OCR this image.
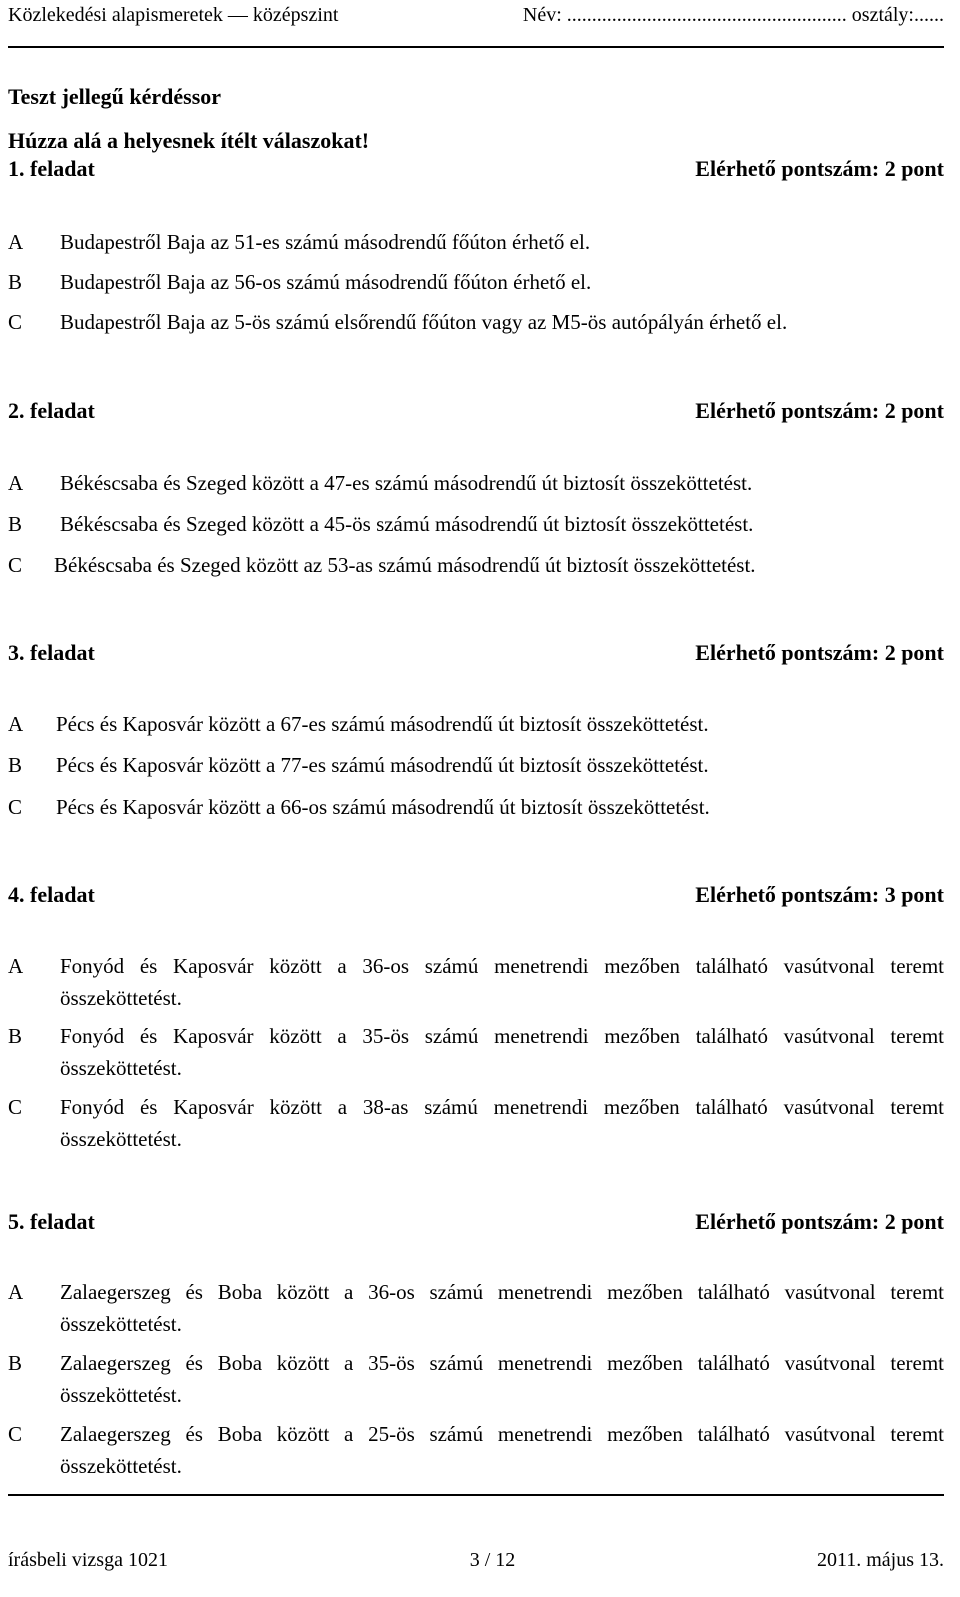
Közlekedési alapismeretek — középszint	Név: ........................................................ osztály:......
Teszt jellegű kérdéssor
Húzza alá a helyesnek ítélt válaszokat!
1. feladat	Elérhető pontszám: 2 pont
A	Budapestről Baja az 51-es számú másodrendű főúton érhető el.
B	Budapestről Baja az 56-os számú másodrendű főúton érhető el.
C	Budapestről Baja az 5-ös számú elsőrendű főúton vagy az M5-ös autópályán érhető el.
2. feladat	Elérhető pontszám: 2 pont
A	Békéscsaba és Szeged között a 47-es számú másodrendű út biztosít összeköttetést.
B	Békéscsaba és Szeged között a 45-ös számú másodrendű út biztosít összeköttetést.
C	Békéscsaba és Szeged között az 53-as számú másodrendű út biztosít összeköttetést.
3. feladat	Elérhető pontszám: 2 pont
A	Pécs és Kaposvár között a 67-es számú másodrendű út biztosít összeköttetést.
B	Pécs és Kaposvár között a 77-es számú másodrendű út biztosít összeköttetést.
C	Pécs és Kaposvár között a 66-os számú másodrendű út biztosít összeköttetést.
4. feladat	Elérhető pontszám: 3 pont
A	Fonyód és Kaposvár között a 36-os számú menetrendi mezőben található vasútvonal teremt összeköttetést.
B	Fonyód és Kaposvár között a 35-ös számú menetrendi mezőben található vasútvonal teremt összeköttetést.
C	Fonyód és Kaposvár között a 38-as számú menetrendi mezőben található vasútvonal teremt összeköttetést.
5. feladat	Elérhető pontszám: 2 pont
A	Zalaegerszeg és Boba között a 36-os számú menetrendi mezőben található vasútvonal teremt összeköttetést.
B	Zalaegerszeg és Boba között a 35-ös számú menetrendi mezőben található vasútvonal teremt összeköttetést.
C	Zalaegerszeg és Boba között a 25-ös számú menetrendi mezőben található vasútvonal teremt összeköttetést.
írásbeli vizsga 1021	3 / 12	2011. május 13.
